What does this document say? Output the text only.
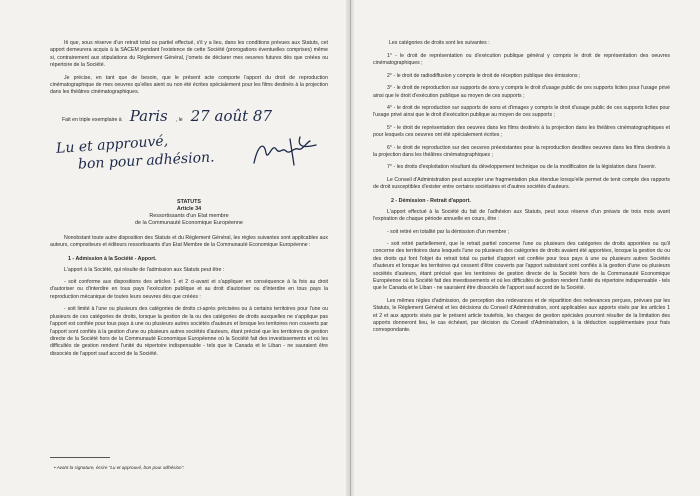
Iti que, sous réserve d'un retrait total ou partiel effectué, s'il y a lieu, dans les conditions prévues aux Statuts, cet apport demeurera acquis à la SACEM pendant l'existence de cette Société (prorogations éventuelles comprises) même si, contrairement aux stipulations du Règlement Général, j'omets de déclarer mes oeuvres futures dès que créées ou répertoire de la Société.

Je précise, en tant que de besoin, que le présent acte comporte l'apport du droit de reproduction cinématographique de mes oeuvres qu'elles aient ou non été écrites spécialement pour les films destinés à la projection dans les théâtres cinématographiques.

Fait en triple exemplaire à Paris , le 27 août 87
Lu et approuvé,
bon pour adhésion.
STATUTS
Article 34
Ressortissants d'un Etat membre
de la Communauté Economique Européenne

Nonobstant toute autre disposition des Statuts et du Règlement Général, les règles suivantes sont applicables aux auteurs, compositeurs et éditeurs ressortissants d'un Etat Membre de la Communauté Economique Européenne :

1 - Admission à la Société - Apport.

L'apport à la Société, qui résulte de l'admission aux Statuts peut être :

- soit conforme aux dispositions des articles 1 et 2 ci-avant et s'appliquer en conséquence à la fois au droit d'autoriser ou d'interdire en tous pays l'exécution publique et au droit d'autoriser ou d'interdire en tous pays la reproduction mécanique de toutes leurs oeuvres dès que créées :

- soit limité à l'une ou plusieurs des catégories de droits ci-après précisées ou à certains territoires pour l'une ou plusieurs de ces catégories de droits, lorsque la gestion de la ou des catégories de droits auxquelles ne s'applique pas l'apport est confiée pour tous pays à une ou plusieurs autres sociétés d'auteurs et lorsque les territoires non couverts par l'apport sont confiés à la gestion d'une ou plusieurs autres sociétés d'auteurs, étant précisé que les territoires de gestion directe de la Société hors de la Communauté Economique Européenne où la Société fait des investissements et où les difficultés de gestion rendent l'unité du répertoire indispensable - tels que le Canada et le Liban - ne sauraient être dissociés de l'apport sauf accord de la Société.

• Avant la signature, écrire "Lu et approuvé, bon pour adhésion".
Les catégories de droits sont les suivantes :

1° - le droit de représentation ou d'exécution publique général y compris le droit de représentation des oeuvres cinématographiques ;

2° - le droit de radiodiffusion y compris le droit de réception publique des émissions ;

3° - le droit de reproduction sur supports de sons y compris le droit d'usage public de ces supports licites pour l'usage privé ainsi que le droit d'exécution publique au moyen de ces supports ;

4° - le droit de reproduction sur supports de sons et d'images y compris le droit d'usage public de ces supports licites pour l'usage privé ainsi que le droit d'exécution publique au moyen de ces supports ;

5° - le droit de représentation des oeuvres dans les films destinés à la projection dans les théâtres cinématographiques et pour lesquels ces oeuvres ont été spécialement écrites ;

6° - le droit de reproduction sur des oeuvres préexistantes pour la reproduction desdites oeuvres dans les films destinés à la projection dans les théâtres cinématographiques ;

7° - les droits d'exploitation résultant du développement technique ou de la modification de la législation dans l'avenir.

Le Conseil d'Administration peut accepter une fragmentation plus étendue lorsqu'elle permet de tenir compte des rapports de droit susceptibles d'exister entre certains sociétaires et d'autres sociétés d'auteurs.

2 - Démission - Retrait d'apport.

L'apport effectué à la Société du fait de l'adhésion aux Statuts, peut sous réserve d'un préavis de trois mois avant l'expiration de chaque période annuelle en cours, être :

- soit retiré en totalité par la démission d'un membre ;

- soit retiré partiellement, que le retrait partiel concerne l'une ou plusieurs des catégories de droits apportées ou qu'il concerne des territoires dans lesquels l'une ou plusieurs des catégories de droits avaient été apportées, lorsque la gestion du ou des droits qui font l'objet du retrait total ou partiel d'apport est confiée pour tous pays à une ou plusieurs autres Sociétés d'auteurs et lorsque les territoires qui cessent d'être couverts par l'apport subsistant sont confiés à la gestion d'une ou plusieurs sociétés d'auteurs, étant précisé que les territoires de gestion directe de la Société hors de la Communauté Economique Européenne où la Société fait des investissements et où les difficultés de gestion rendent l'unité du répertoire indispensable - tels que le Canada et le Liban - ne sauraient être dissociés de l'apport sauf accord de la Société.

Les mêmes règles d'admission, de perception des redevances et de répartition des redevances perçues, prévues par les Statuts, le Règlement Général et les décisions du Conseil d'Administration, sont applicables aux apports visés par les articles 1 et 2 et aux apports visés par le présent article toutefois, les charges de gestion spéciales pourront résulter de la limitation des apports donneront lieu, le cas échéant, par décision du Conseil d'Administration, à la déduction supplémentaire pour frais correspondante.
